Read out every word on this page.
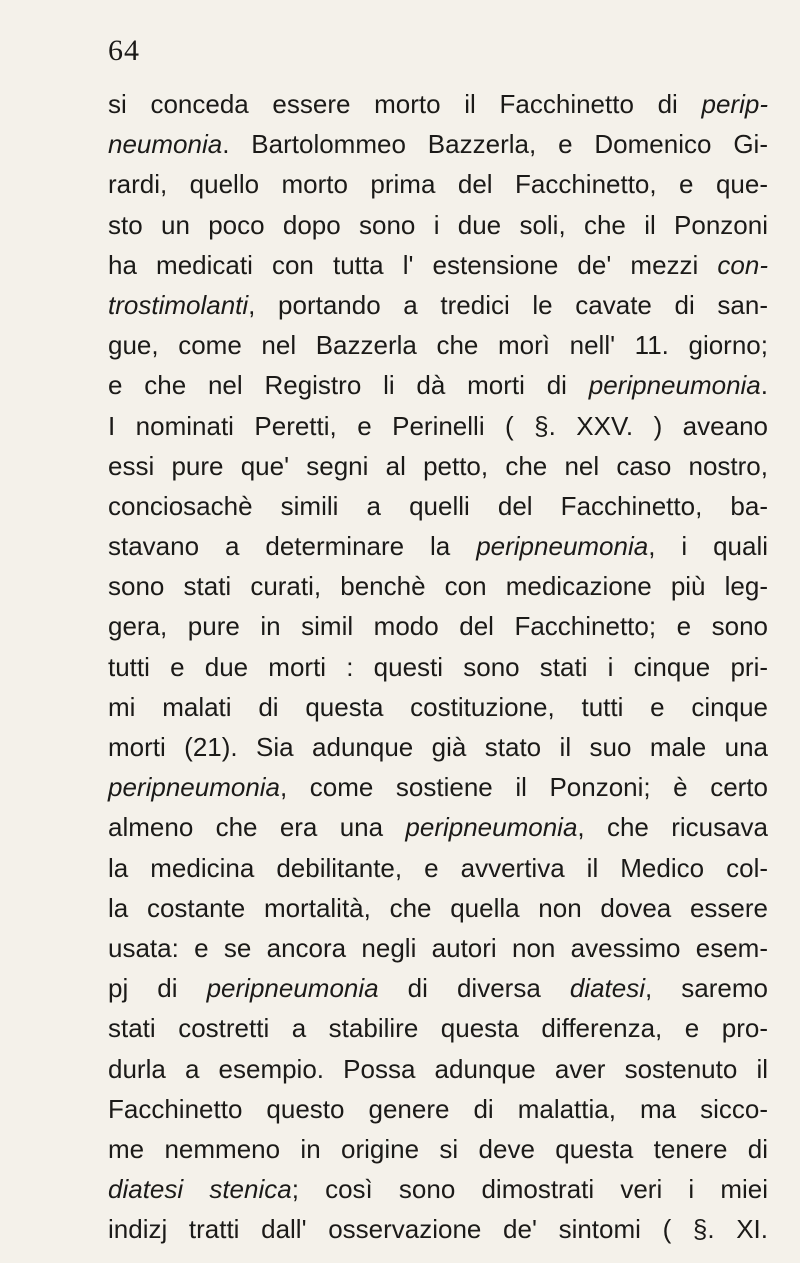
64
si conceda essere morto il Facchinetto di perip-
neumonia. Bartolommeo Bazzerla, e Domenico Gi-
rardi, quello morto prima del Facchinetto, e que-
sto un poco dopo sono i due soli, che il Ponzoni
ha medicati con tutta l' estensione de' mezzi con-
trostimolanti, portando a tredici le cavate di san-
gue, come nel Bazzerla che morì nell' 11. giorno;
e che nel Registro li dà morti di peripneumonia.
I nominati Peretti, e Perinelli ( §. XXV. ) aveano
essi pure que' segni al petto, che nel caso nostro,
conciosachè simili a quelli del Facchinetto, ba-
stavano a determinare la peripneumonia, i quali
sono stati curati, benchè con medicazione più leg-
gera, pure in simil modo del Facchinetto; e sono
tutti e due morti : questi sono stati i cinque pri-
mi malati di questa costituzione, tutti e cinque
morti (21). Sia adunque già stato il suo male una
peripneumonia, come sostiene il Ponzoni; è certo
almeno che era una peripneumonia, che ricusava
la medicina debilitante, e avvertiva il Medico col-
la costante mortalità, che quella non dovea essere
usata: e se ancora negli autori non avessimo esem-
pj di peripneumonia di diversa diatesi, saremo
stati costretti a stabilire questa differenza, e pro-
durla a esempio. Possa adunque aver sostenuto il
Facchinetto questo genere di malattia, ma sicco-
me nemmeno in origine si deve questa tenere di
diatesi stenica; così sono dimostrati veri i miei
indizj tratti dall' osservazione de' sintomi ( §. XI.
